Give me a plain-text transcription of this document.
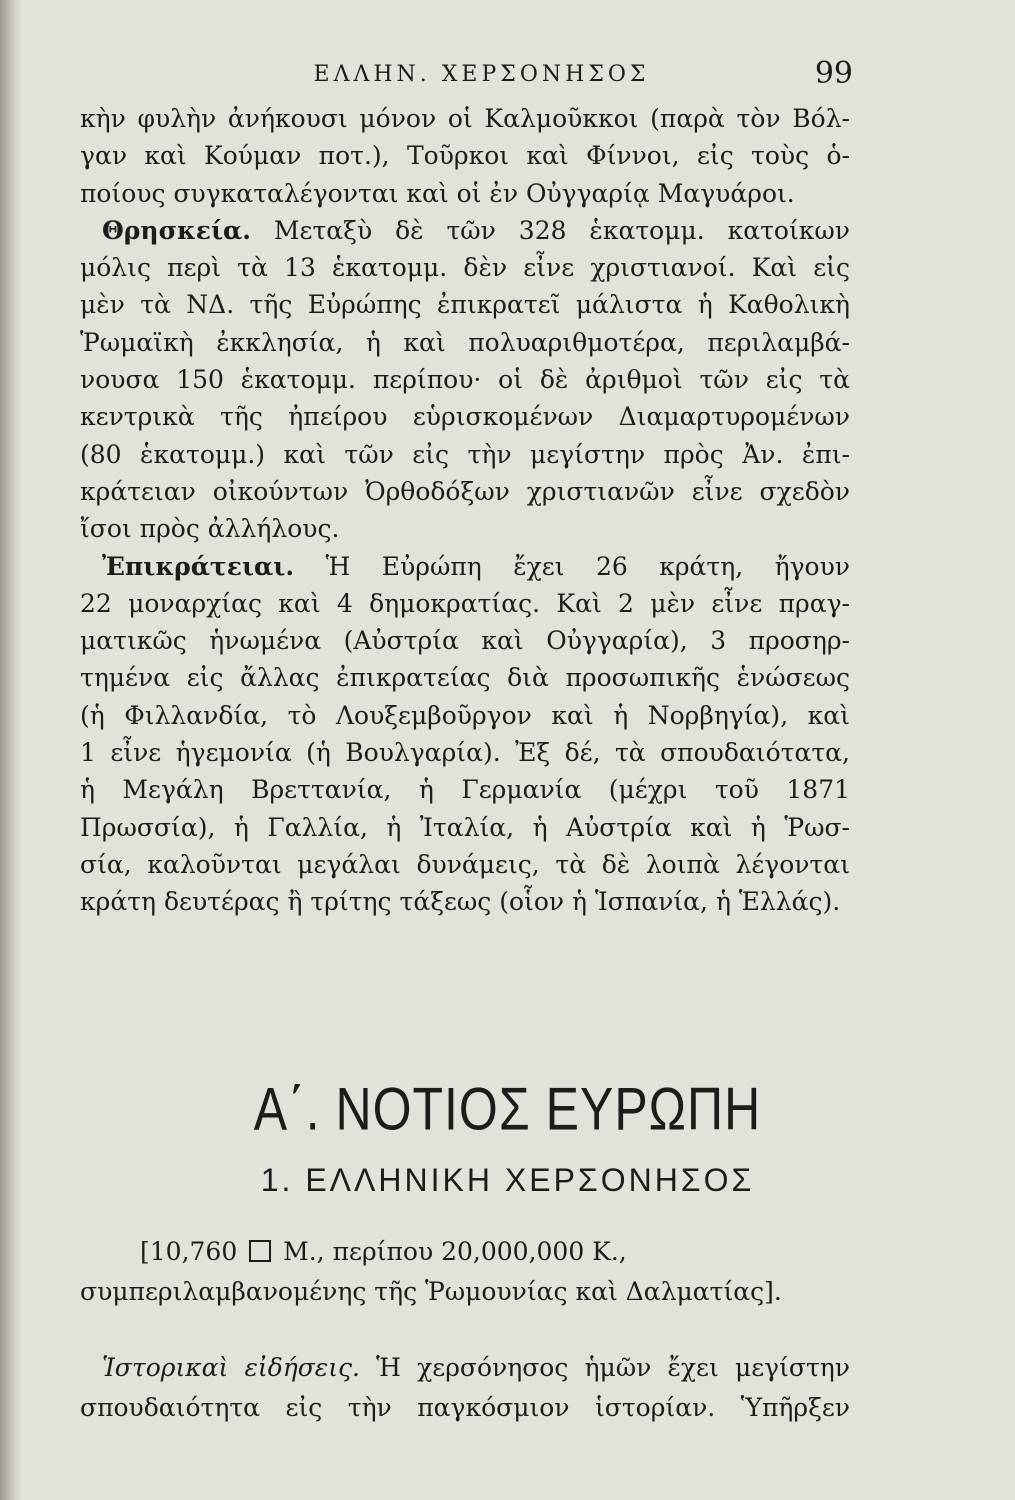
ΕΛΛΗΝ. ΧΕΡΣΟΝΗΣΟΣ	99
κὴν φυλὴν ἀνήκουσι μόνον οἱ Καλμοῦκκοι (παρὰ τὸν Βόλ-
γαν καὶ Κούμαν ποτ.), Τοῦρκοι καὶ Φίννοι, εἰς τοὺς ὁ-
ποίους συγκαταλέγονται καὶ οἱ ἐν Οὐγγαρίᾳ Μαγυάροι.
Θρησκεία. Μεταξὺ δὲ τῶν 328 ἑκατομμ. κατοίκων
μόλις περὶ τὰ 13 ἑκατομμ. δὲν εἶνε χριστιανοί. Καὶ εἰς
μὲν τὰ ΝΔ. τῆς Εὐρώπης ἐπικρατεῖ μάλιστα ἡ Καθολικὴ
Ῥωμαϊκὴ ἐκκλησία, ἡ καὶ πολυαριθμοτέρα, περιλαμβά-
νουσα 150 ἑκατομμ. περίπου· οἱ δὲ ἀριθμοὶ τῶν εἰς τὰ
κεντρικὰ τῆς ἠπείρου εὑρισκομένων Διαμαρτυρομένων
(80 ἑκατομμ.) καὶ τῶν εἰς τὴν μεγίστην πρὸς Ἀν. ἐπι-
κράτειαν οἰκούντων Ὀρθοδόξων χριστιανῶν εἶνε σχεδὸν
ἴσοι πρὸς ἀλλήλους.
Ἐπικράτειαι. Ἡ Εὐρώπη ἔχει 26 κράτη, ἤγουν
22 μοναρχίας καὶ 4 δημοκρατίας. Καὶ 2 μὲν εἶνε πραγ-
ματικῶς ἡνωμένα (Αὐστρία καὶ Οὐγγαρία), 3 προσηρ-
τημένα εἰς ἄλλας ἐπικρατείας διὰ προσωπικῆς ἑνώσεως
(ἡ Φιλλανδία, τὸ Λουξεμβοῦργον καὶ ἡ Νορβηγία), καὶ
1 εἶνε ἡγεμονία (ἡ Βουλγαρία). Ἐξ δέ, τὰ σπουδαιότατα,
ἡ Μεγάλη Βρεττανία, ἡ Γερμανία (μέχρι τοῦ 1871
Πρωσσία), ἡ Γαλλία, ἡ Ἰταλία, ἡ Αὐστρία καὶ ἡ Ῥωσ-
σία, καλοῦνται μεγάλαι δυνάμεις, τὰ δὲ λοιπὰ λέγονται
κράτη δευτέρας ἢ τρίτης τάξεως (οἷον ἡ Ἱσπανία, ἡ Ἑλλάς).
Α΄. ΝΟΤΙΟΣ ΕΥΡΩΠΗ
1. ΕΛΛΗΝΙΚΗ ΧΕΡΣΟΝΗΣΟΣ
[10,760 Μ., περίπου 20,000,000 Κ.,
συμπεριλαμβανομένης τῆς Ῥωμουνίας καὶ Δαλματίας].
Ἱστορικαὶ εἰδήσεις. Ἡ χερσόνησος ἡμῶν ἔχει μεγίστην
σπουδαιότητα εἰς τὴν παγκόσμιον ἱστορίαν. Ὑπῆρξεν
